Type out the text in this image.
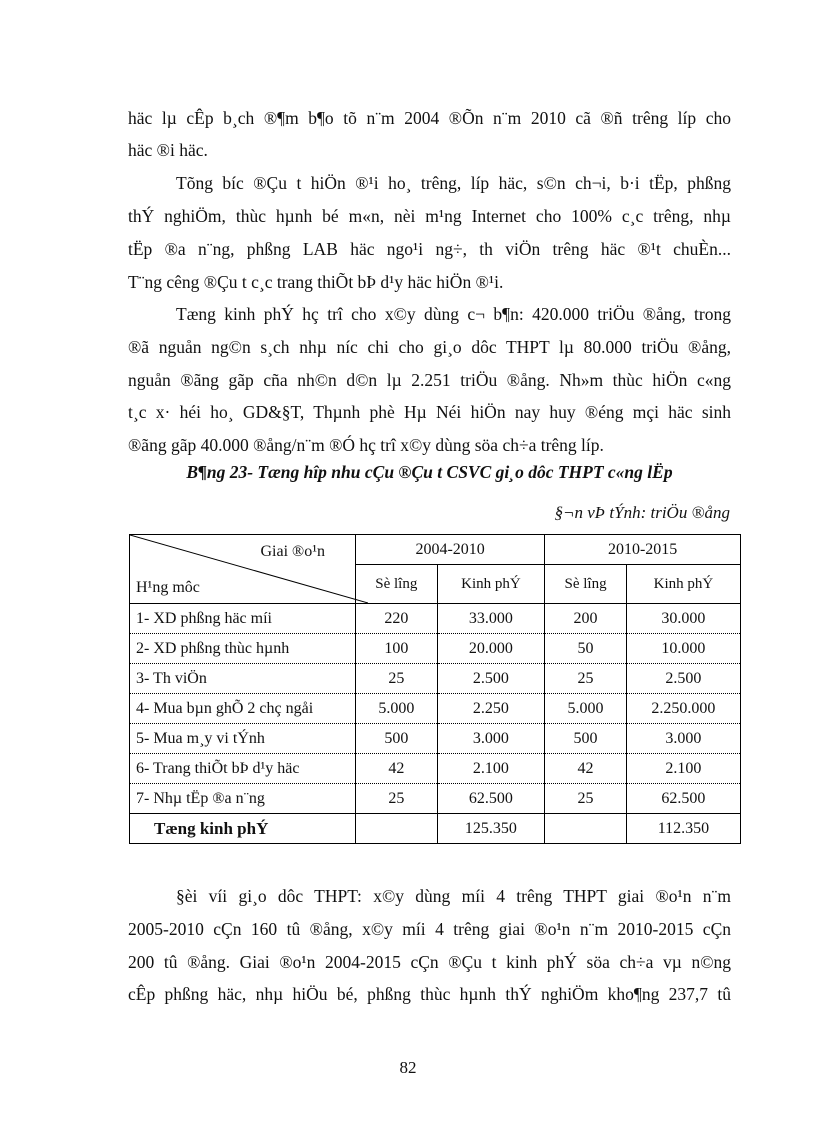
häc lµ cÊp b¸ch ®¶m b¶o tõ n¨m 2004 ®Õn n¨m 2010 cã ®ñ trêng líp cho
häc ®i häc.
Tõng bíc ®Çu t hiÖn ®¹i ho¸ trêng, líp häc, s©n ch¬i, b·i tËp, phßng
thÝ nghiÖm, thùc hµnh bé m«n, nèi m¹ng Internet cho 100% c¸c trêng, nhµ
tËp ®a n¨ng, phßng LAB häc ngo¹i ng÷, th viÖn trêng häc ®¹t chuÈn...
T¨ng cêng ®Çu t c¸c trang thiÕt bÞ d¹y häc hiÖn ®¹i.
Tæng kinh phÝ hç trî cho x©y dùng c¬ b¶n: 420.000 triÖu ®ång, trong
®ã nguån ng©n s¸ch nhµ níc chi cho gi¸o dôc THPT lµ 80.000 triÖu ®ång,
nguån ®ãng gãp cña nh©n d©n lµ 2.251 triÖu ®ång. Nh»m thùc hiÖn c«ng
t¸c x· héi ho¸ GD&§T, Thµnh phè Hµ Néi hiÖn nay huy ®éng mçi häc sinh
®ãng gãp 40.000 ®ång/n¨m ®Ó hç trî x©y dùng söa ch÷a trêng líp.
B¶ng 23- Tæng hîp nhu cÇu ®Çu t CSVC gi¸o dôc THPT c«ng lËp
§¬n vÞ tÝnh: triÖu ®ång
Giai ®o¹n
H¹ng môc	2004-2010		2010-2015	
	Sè lîng	Kinh phÝ	Sè lîng	Kinh phÝ
1- XD phßng häc míi	220	33.000	200	30.000
2- XD phßng thùc hµnh	100	20.000	50	10.000
3- Th viÖn	25	2.500	25	2.500
4- Mua bµn ghÕ 2 chç ngåi	5.000	2.250	5.000	2.250.000
5- Mua m¸y vi tÝnh	500	3.000	500	3.000
6- Trang thiÕt bÞ d¹y häc	42	2.100	42	2.100
7- Nhµ tËp ®a n¨ng	25	62.500	25	62.500
Tæng kinh phÝ		125.350		112.350
§èi víi gi¸o dôc THPT: x©y dùng míi 4 trêng THPT giai ®o¹n n¨m
2005-2010 cÇn 160 tû ®ång, x©y míi 4 trêng giai ®o¹n n¨m 2010-2015 cÇn
200 tû ®ång. Giai ®o¹n 2004-2015 cÇn ®Çu t kinh phÝ söa ch÷a vµ n©ng
cÊp phßng häc, nhµ hiÖu bé, phßng thùc hµnh thÝ nghiÖm kho¶ng 237,7 tû
82
